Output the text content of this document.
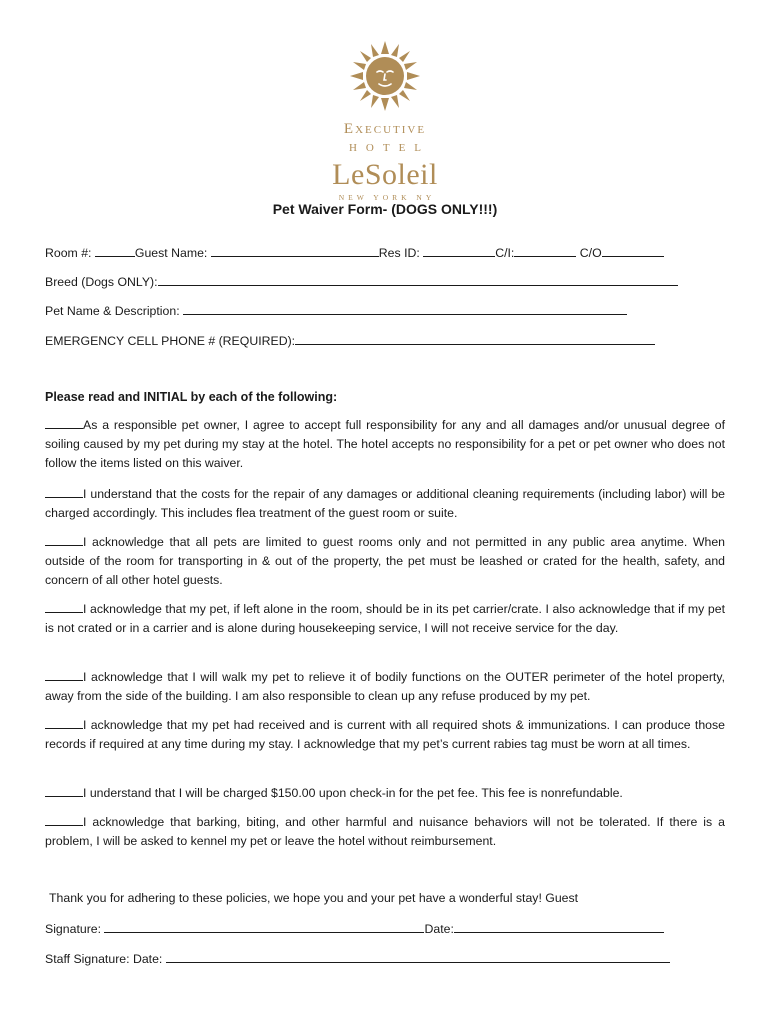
Executive
HOTEL
LeSoleil
NEW YORK NY
Pet Waiver Form- (DOGS ONLY!!!)
Room #:	Guest Name:	Res ID:	C/I:	C/O
Breed (Dogs ONLY):
Pet Name & Description:
EMERGENCY CELL PHONE # (REQUIRED):
Please read and INITIAL by each of the following:
As a responsible pet owner, I agree to accept full responsibility for any and all damages and/or unusual degree of soiling caused by my pet during my stay at the hotel. The hotel accepts no responsibility for a pet or pet owner who does not follow the items listed on this waiver.
I understand that the costs for the repair of any damages or additional cleaning requirements (including labor) will be charged accordingly. This includes flea treatment of the guest room or suite.
I acknowledge that all pets are limited to guest rooms only and not permitted in any public area anytime. When outside of the room for transporting in & out of the property, the pet must be leashed or crated for the health, safety, and concern of all other hotel guests.
I acknowledge that my pet, if left alone in the room, should be in its pet carrier/crate. I also acknowledge that if my pet is not crated or in a carrier and is alone during housekeeping service, I will not receive service for the day.
I acknowledge that I will walk my pet to relieve it of bodily functions on the OUTER perimeter of the hotel property, away from the side of the building. I am also responsible to clean up any refuse produced by my pet.
I acknowledge that my pet had received and is current with all required shots & immunizations. I can produce those records if required at any time during my stay. I acknowledge that my pet’s current rabies tag must be worn at all times.
I understand that I will be charged $150.00 upon check-in for the pet fee. This fee is nonrefundable.
I acknowledge that barking, biting, and other harmful and nuisance behaviors will not be tolerated. If there is a problem, I will be asked to kennel my pet or leave the hotel without reimbursement.
Thank you for adhering to these policies, we hope you and your pet have a wonderful stay! Guest
Signature:	Date:
Staff Signature: Date:
